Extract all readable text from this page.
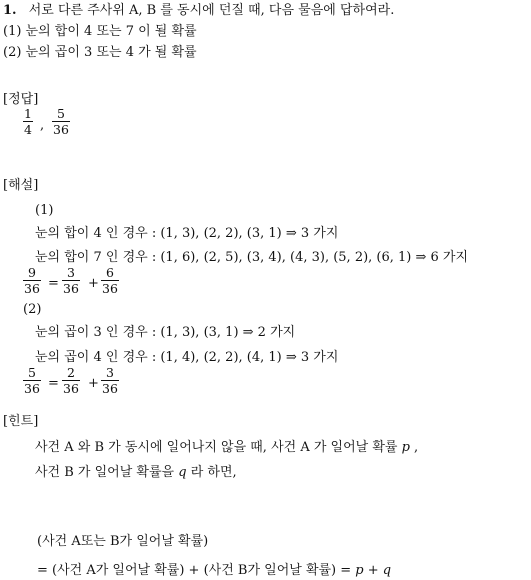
1. 서로 다른 주사위 A, B 를 동시에 던질 때, 다음 물음에 답하여라.
(1) 눈의 합이 4 또는 7 이 될 확률
(2) 눈의 곱이 3 또는 4 가 될 확률
[정답]
1
4 ,
5
36
[해설]
(1)
눈의 합이 4 인 경우 : (1, 3), (2, 2), (3, 1) ⇒ 3 가지
눈의 합이 7 인 경우 : (1, 6), (2, 5), (3, 4), (4, 3), (5, 2), (6, 1) ⇒ 6 가지
9
36 =
3
36 +
6
36
(2)
눈의 곱이 3 인 경우 : (1, 3), (3, 1) ⇒ 2 가지
눈의 곱이 4 인 경우 : (1, 4), (2, 2), (4, 1) ⇒ 3 가지
5
36 =
2
36 +
3
36
[힌트]
사건 A 와 B 가 동시에 일어나지 않을 때, 사건 A 가 일어날 확률 p ,
사건 B 가 일어날 확률을 q 라 하면,
(사건 A또는 B가 일어날 확률)
= (사건 A가 일어날 확률) + (사건 B가 일어날 확률) = p + q
